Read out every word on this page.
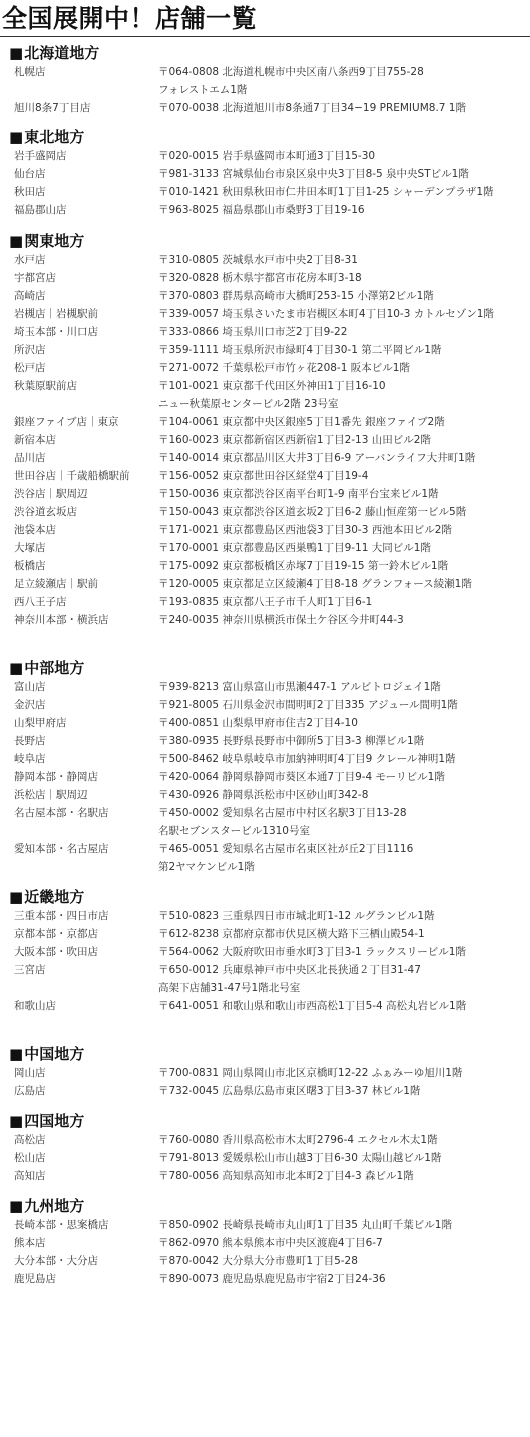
全国展開中！店舗一覧
■北海道地方
札幌店	〒064-0808 北海道札幌市中央区南八条西9丁目755-28
フォレストエム1階
旭川8条7丁目店	〒070-0038 北海道旭川市8条通7丁目34−19 PREMIUM8.7 1階
■東北地方
岩手盛岡店	〒020-0015 岩手県盛岡市本町通3丁目15-30
仙台店	〒981-3133 宮城県仙台市泉区泉中央3丁目8-5 泉中央STビル1階
秋田店	〒010-1421 秋田県秋田市仁井田本町1丁目1-25 シャーデンプラザ1階
福島郡山店	〒963-8025 福島県郡山市桑野3丁目19-16
■関東地方
水戸店	〒310-0805 茨城県水戸市中央2丁目8-31
宇都宮店	〒320-0828 栃木県宇都宮市花房本町3-18
高崎店	〒370-0803 群馬県高崎市大橋町253-15 小澤第2ビル1階
岩槻店｜岩槻駅前	〒339-0057 埼玉県さいたま市岩槻区本町4丁目10-3 カトルセゾン1階
埼玉本部・川口店	〒333-0866 埼玉県川口市芝2丁目9-22
所沢店	〒359-1111 埼玉県所沢市緑町4丁目30-1 第二平岡ビル1階
松戸店	〒271-0072 千葉県松戸市竹ヶ花208-1 阪本ビル1階
秋葉原駅前店	〒101-0021 東京都千代田区外神田1丁目16-10
ニュー秋葉原センタービル2階 23号室
銀座ファイブ店｜東京	〒104-0061 東京都中央区銀座5丁目1番先 銀座ファイブ2階
新宿本店	〒160-0023 東京都新宿区西新宿1丁目2-13 山田ビル2階
品川店	〒140-0014 東京都品川区大井3丁目6-9 アーバンライフ大井町1階
世田谷店｜千歳船橋駅前	〒156-0052 東京都世田谷区経堂4丁目19-4
渋谷店｜駅周辺	〒150-0036 東京都渋谷区南平台町1-9 南平台宝来ビル1階
渋谷道玄坂店	〒150-0043 東京都渋谷区道玄坂2丁目6-2 藤山恒産第一ビル5階
池袋本店	〒171-0021 東京都豊島区西池袋3丁目30-3 西池本田ビル2階
大塚店	〒170-0001 東京都豊島区西巣鴨1丁目9-11 大同ビル1階
板橋店	〒175-0092 東京都板橋区赤塚7丁目19-15 第一鈴木ビル1階
足立綾瀬店｜駅前	〒120-0005 東京都足立区綾瀬4丁目8-18 グランフォース綾瀬1階
西八王子店	〒193-0835 東京都八王子市千人町1丁目6-1
神奈川本部・横浜店	〒240-0035 神奈川県横浜市保土ケ谷区今井町44-3
■中部地方
富山店	〒939-8213 富山県富山市黒瀬447-1 アルビトロジェイ1階
金沢店	〒921-8005 石川県金沢市間明町2丁目335 アジュール間明1階
山梨甲府店	〒400-0851 山梨県甲府市住吉2丁目4-10
長野店	〒380-0935 長野県長野市中御所5丁目3-3 柳澤ビル1階
岐阜店	〒500-8462 岐阜県岐阜市加納神明町4丁目9 クレール神明1階
静岡本部・静岡店	〒420-0064 静岡県静岡市葵区本通7丁目9-4 モーリビル1階
浜松店｜駅周辺	〒430-0926 静岡県浜松市中区砂山町342-8
名古屋本部・名駅店	〒450-0002 愛知県名古屋市中村区名駅3丁目13-28
名駅セブンスタービル1310号室
愛知本部・名古屋店	〒465-0051 愛知県名古屋市名東区社が丘2丁目1116
第2ヤマケンビル1階
■近畿地方
三重本部・四日市店	〒510-0823 三重県四日市市城北町1-12 ルグランビル1階
京都本部・京都店	〒612-8238 京都府京都市伏見区横大路下三栖山殿54-1
大阪本部・吹田店	〒564-0062 大阪府吹田市垂水町3丁目3-1 ラックスリービル1階
三宮店	〒650-0012 兵庫県神戸市中央区北長狭通２丁目31-47
高架下店舗31-47号1階北号室
和歌山店	〒641-0051 和歌山県和歌山市西高松1丁目5-4 高松丸岩ビル1階
■中国地方
岡山店	〒700-0831 岡山県岡山市北区京橋町12-22 ふぁみーゆ旭川1階
広島店	〒732-0045 広島県広島市東区曙3丁目3-37 林ビル1階
■四国地方
高松店	〒760-0080 香川県高松市木太町2796-4 エクセル木太1階
松山店	〒791-8013 愛媛県松山市山越3丁目6-30 太陽山越ビル1階
高知店	〒780-0056 高知県高知市北本町2丁目4-3 森ビル1階
■九州地方
長崎本部・思案橋店	〒850-0902 長崎県長崎市丸山町1丁目35 丸山町千葉ビル1階
熊本店	〒862-0970 熊本県熊本市中央区渡鹿4丁目6-7
大分本部・大分店	〒870-0042 大分県大分市豊町1丁目5-28
鹿児島店	〒890-0073 鹿児島県鹿児島市宇宿2丁目24-36
